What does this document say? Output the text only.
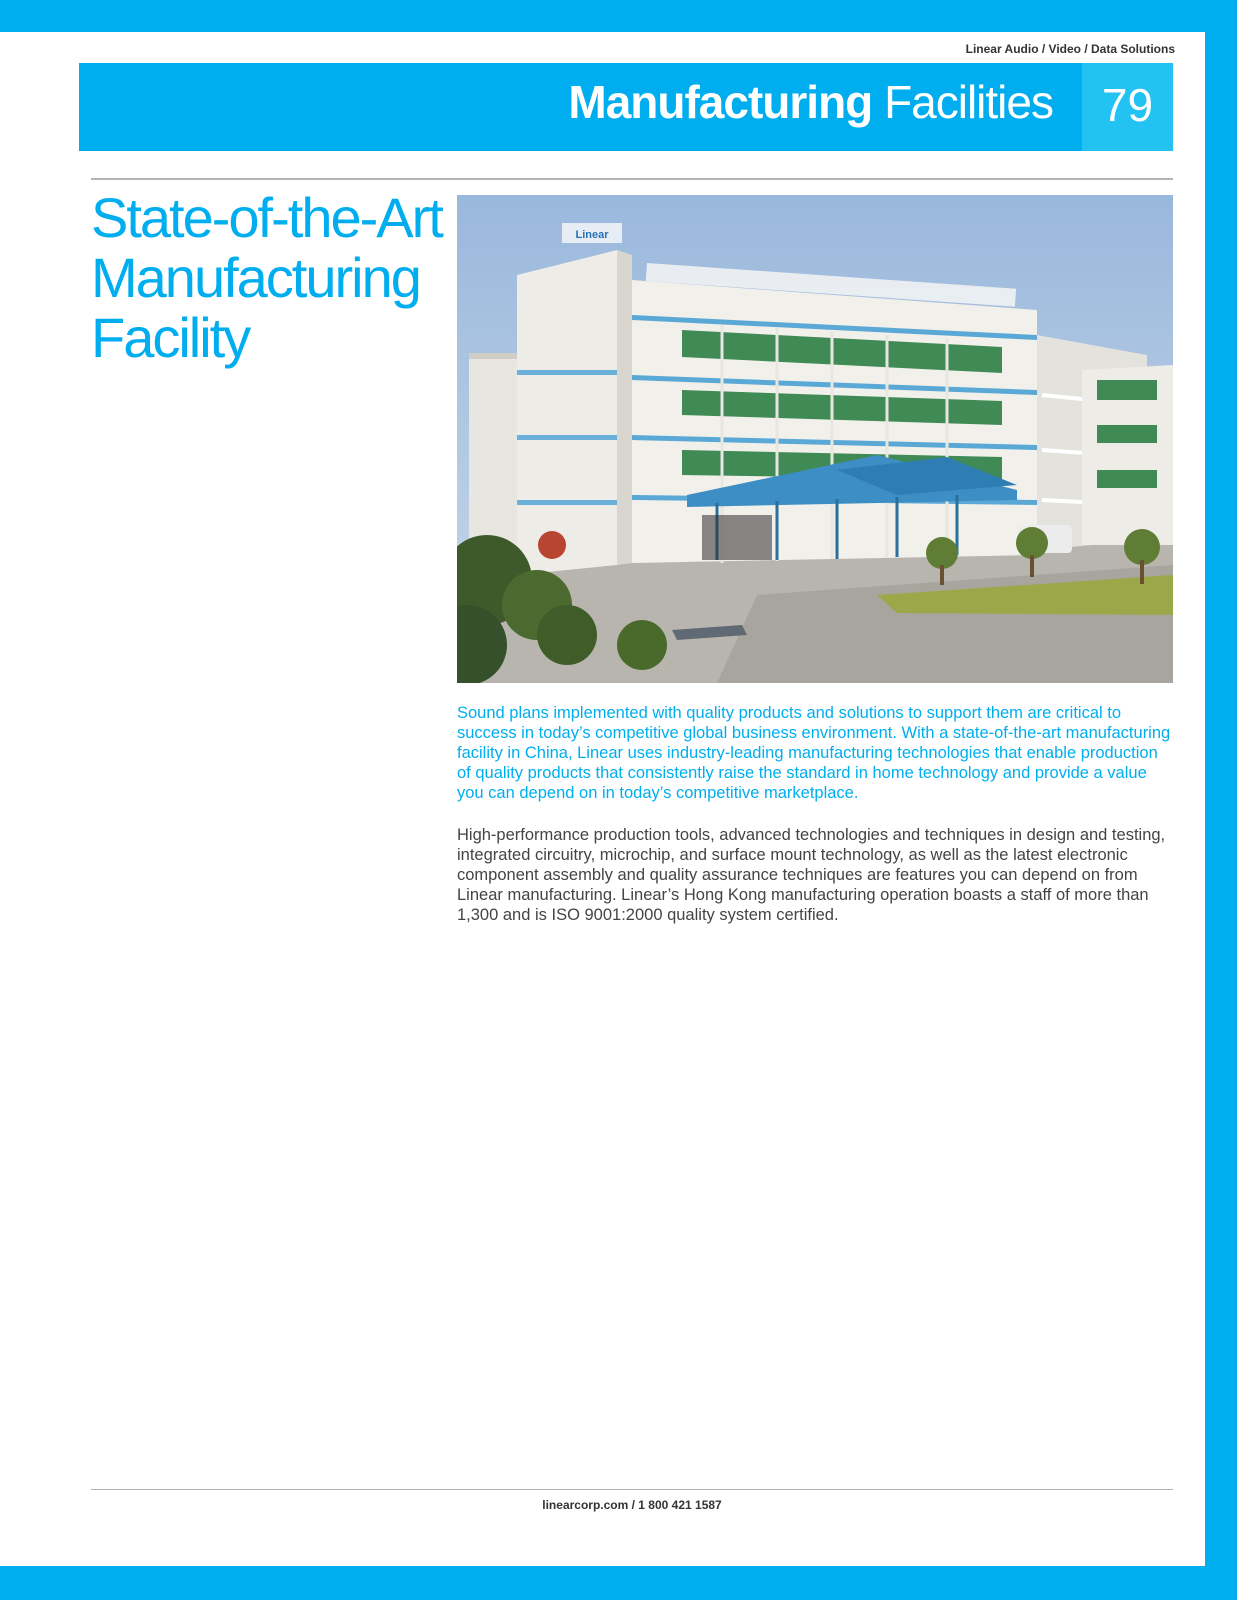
Linear Audio / Video / Data Solutions
Manufacturing Facilities	79
State-of-the-Art
Manufacturing
Facility
Linear

Sound plans implemented with quality products and solutions to support them are critical to success in today’s competitive global business environment. With a state-of-the-art manufacturing facility in China, Linear uses industry-leading manufacturing technologies that enable production of quality products that consistently raise the standard in home technology and provide a value you can depend on in today’s competitive marketplace.

High-performance production tools, advanced technologies and techniques in design and testing, integrated circuitry, microchip, and surface mount technology, as well as the latest electronic component assembly and quality assurance techniques are features you can depend on from Linear manufacturing. Linear’s Hong Kong manufacturing operation boasts a staff of more than 1,300 and is ISO 9001:2000 quality system certified.

linearcorp.com / 1 800 421 1587
